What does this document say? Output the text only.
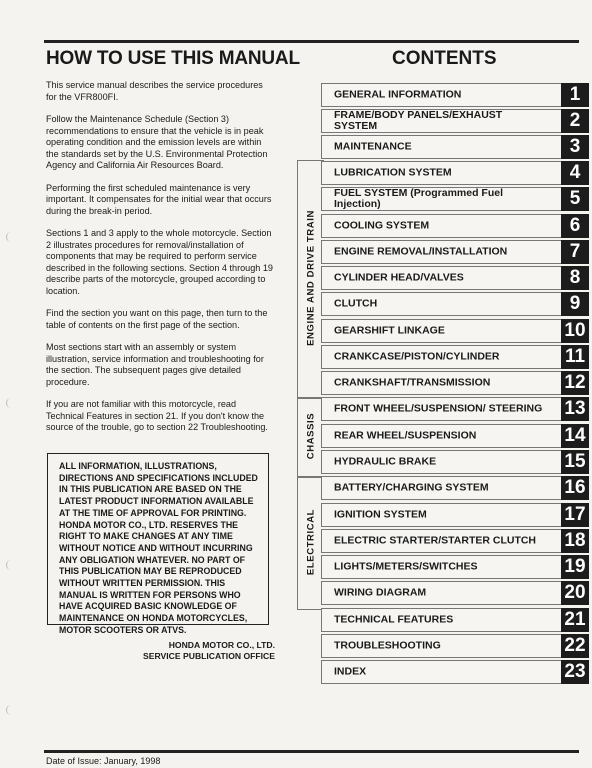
HOW TO USE THIS MANUAL	CONTENTS

This service manual describes the service procedures for the VFR800FI.

Follow the Maintenance Schedule (Section 3) recommendations to ensure that the vehicle is in peak operating condition and the emission levels are within the standards set by the U.S. Environmental Protection Agency and California Air Resources Board.

Performing the first scheduled maintenance is very important. It compensates for the initial wear that occurs during the break-in period.

Sections 1 and 3 apply to the whole motorcycle. Section 2 illustrates procedures for removal/installation of components that may be required to perform service described in the following sections. Section 4 through 19 describe parts of the motorcycle, grouped according to location.

Find the section you want on this page, then turn to the table of contents on the first page of the section.

Most sections start with an assembly or system illustration, service information and troubleshooting for the section. The subsequent pages give detailed procedure.

If you are not familiar with this motorcycle, read Technical Features in section 21. If you don't know the source of the trouble, go to section 22 Troubleshooting.

ALL INFORMATION, ILLUSTRATIONS, DIRECTIONS AND SPECIFICATIONS INCLUDED IN THIS PUBLICATION ARE BASED ON THE LATEST PRODUCT INFORMATION AVAILABLE AT THE TIME OF APPROVAL FOR PRINTING. HONDA MOTOR CO., LTD. RESERVES THE RIGHT TO MAKE CHANGES AT ANY TIME WITHOUT NOTICE AND WITHOUT INCURRING ANY OBLIGATION WHATEVER. NO PART OF THIS PUBLICATION MAY BE REPRODUCED WITHOUT WRITTEN PERMISSION. THIS MANUAL IS WRITTEN FOR PERSONS WHO HAVE ACQUIRED BASIC KNOWLEDGE OF MAINTENANCE ON HONDA MOTORCYCLES, MOTOR SCOOTERS OR ATVS.
HONDA MOTOR CO., LTD.
SERVICE PUBLICATION OFFICE
ENGINE AND DRIVE TRAIN
CHASSIS
ELECTRICAL
GENERAL INFORMATION	1
FRAME/BODY PANELS/EXHAUST SYSTEM	2
MAINTENANCE	3
LUBRICATION SYSTEM	4
FUEL SYSTEM (Programmed Fuel Injection)	5
COOLING SYSTEM	6
ENGINE REMOVAL/INSTALLATION	7
CYLINDER HEAD/VALVES	8
CLUTCH	9
GEARSHIFT LINKAGE	10
CRANKCASE/PISTON/CYLINDER	11
CRANKSHAFT/TRANSMISSION	12
FRONT WHEEL/SUSPENSION/ STEERING 13
REAR WHEEL/SUSPENSION	14
HYDRAULIC BRAKE	15
BATTERY/CHARGING SYSTEM	16
IGNITION SYSTEM	17
ELECTRIC STARTER/STARTER CLUTCH	18
LIGHTS/METERS/SWITCHES	19
WIRING DIAGRAM	20
TECHNICAL FEATURES	21
TROUBLESHOOTING	22
INDEX	23
Date of Issue: January, 1998
